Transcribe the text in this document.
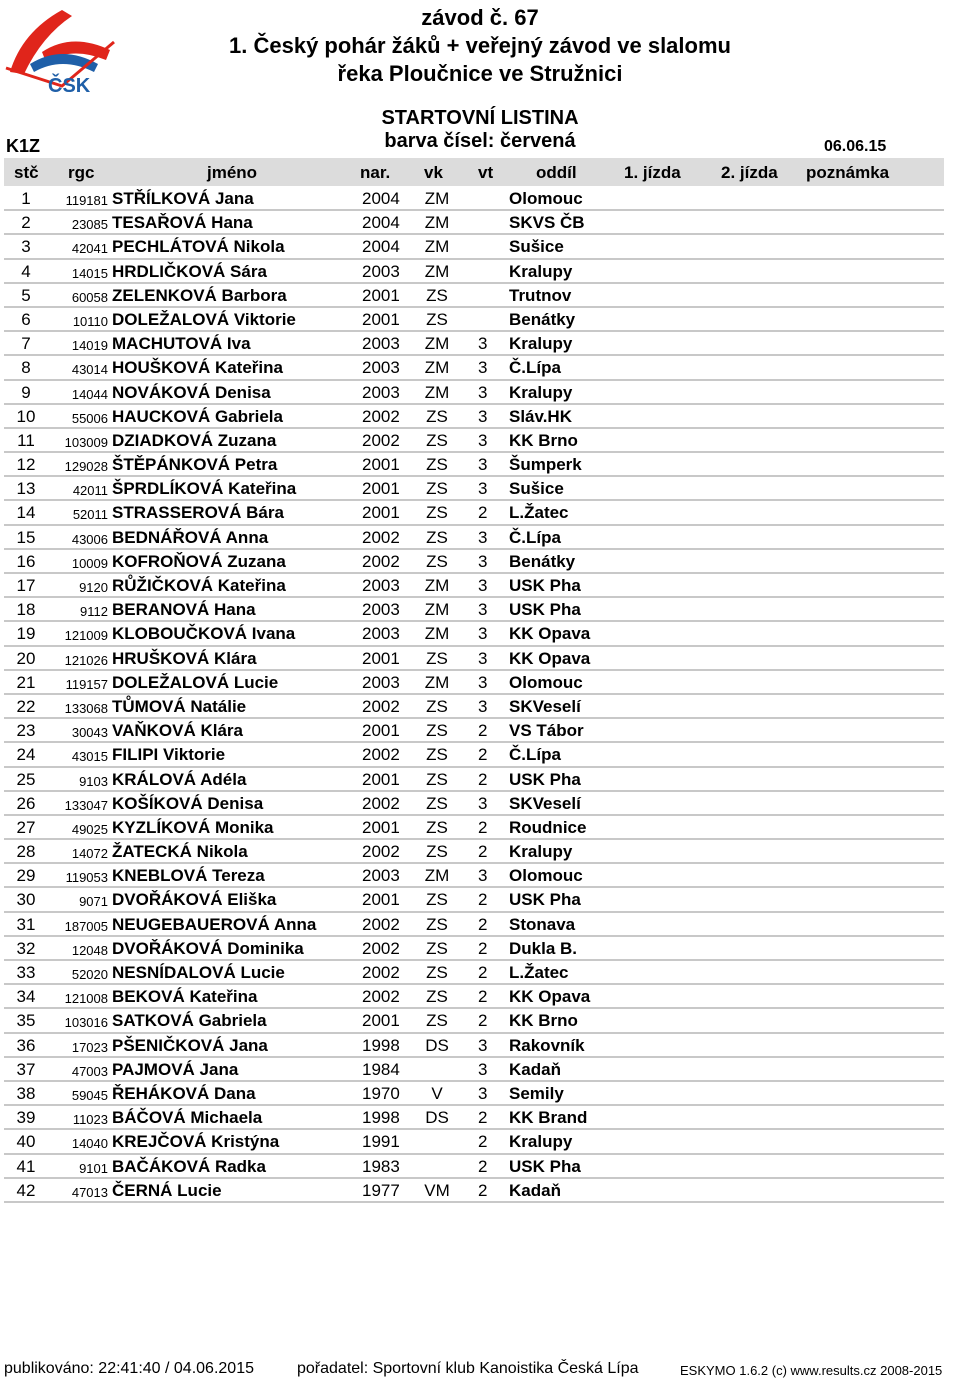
ČSK
závod č. 67
1. Český pohár žáků + veřejný závod ve slalomu
řeka Ploučnice ve Stružnici
STARTOVNÍ LISTINA
barva čísel: červená
K1Z	06.06.15
stč rgc	jméno	nar. vk vt	oddíl	1. jízda 2. jízda poznámka
1	119181 STŘÍLKOVÁ Jana	2004 ZM	Olomouc
2	23085 TESAŘOVÁ Hana	2004 ZM	SKVS ČB
3	42041 PECHLÁTOVÁ Nikola	2004 ZM	Sušice
4	14015 HRDLIČKOVÁ Sára	2003 ZM	Kralupy
5	60058 ZELENKOVÁ Barbora	2001 ZS	Trutnov
6	10110 DOLEŽALOVÁ Viktorie	2001 ZS	Benátky
7	14019 MACHUTOVÁ Iva	2003 ZM 3 Kralupy
8	43014 HOUŠKOVÁ Kateřina	2003 ZM 3 Č.Lípa
9	14044 NOVÁKOVÁ Denisa	2003 ZM 3 Kralupy
10	55006 HAUCKOVÁ Gabriela	2002 ZS 3 Sláv.HK
11	103009 DZIADKOVÁ Zuzana	2002 ZS 3 KK Brno
12	129028 ŠTĚPÁNKOVÁ Petra	2001 ZS 3 Šumperk
13	42011 ŠPRDLÍKOVÁ Kateřina	2001 ZS 3 Sušice
14	52011 STRASSEROVÁ Bára	2001 ZS 2 L.Žatec
15	43006 BEDNÁŘOVÁ Anna	2002 ZS 3 Č.Lípa
16	10009 KOFROŇOVÁ Zuzana	2002 ZS 3 Benátky
17	9120 RŮŽIČKOVÁ Kateřina	2003 ZM 3 USK Pha
18	9112 BERANOVÁ Hana	2003 ZM 3 USK Pha
19	121009 KLOBOUČKOVÁ Ivana	2003 ZM 3 KK Opava
20	121026 HRUŠKOVÁ Klára	2001 ZS 3 KK Opava
21	119157 DOLEŽALOVÁ Lucie	2003 ZM 3 Olomouc
22	133068 TŮMOVÁ Natálie	2002 ZS 3 SKVeselí
23	30043 VAŇKOVÁ Klára	2001 ZS 2 VS Tábor
24	43015 FILIPI Viktorie	2002 ZS 2 Č.Lípa
25	9103 KRÁLOVÁ Adéla	2001 ZS 2 USK Pha
26	133047 KOŠÍKOVÁ Denisa	2002 ZS 3 SKVeselí
27	49025 KYZLÍKOVÁ Monika	2001 ZS 2 Roudnice
28	14072 ŽATECKÁ Nikola	2002 ZS 2 Kralupy
29	119053 KNEBLOVÁ Tereza	2003 ZM 3 Olomouc
30	9071 DVOŘÁKOVÁ Eliška	2001 ZS 2 USK Pha
31	187005 NEUGEBAUEROVÁ Anna	2002 ZS 2 Stonava
32	12048 DVOŘÁKOVÁ Dominika	2002 ZS 2 Dukla B.
33	52020 NESNÍDALOVÁ Lucie	2002 ZS 2 L.Žatec
34	121008 BEKOVÁ Kateřina	2002 ZS 2 KK Opava
35	103016 SATKOVÁ Gabriela	2001 ZS 2 KK Brno
36	17023 PŠENIČKOVÁ Jana	1998 DS 3 Rakovník
37	47003 PAJMOVÁ Jana	1984	3 Kadaň
38	59045 ŘEHÁKOVÁ Dana	1970	V	3 Semily
39	11023 BÁČOVÁ Michaela	1998 DS 2 KK Brand
40	14040 KREJČOVÁ Kristýna	1991	2 Kralupy
41	9101 BAČÁKOVÁ Radka	1983	2 USK Pha
42	47013 ČERNÁ Lucie	1977 VM 2 Kadaň
publikováno: 22:41:40 / 04.06.2015	pořadatel: Sportovní klub Kanoistika Česká Lípa	ESKYMO 1.6.2 (c) www.results.cz 2008-2015
